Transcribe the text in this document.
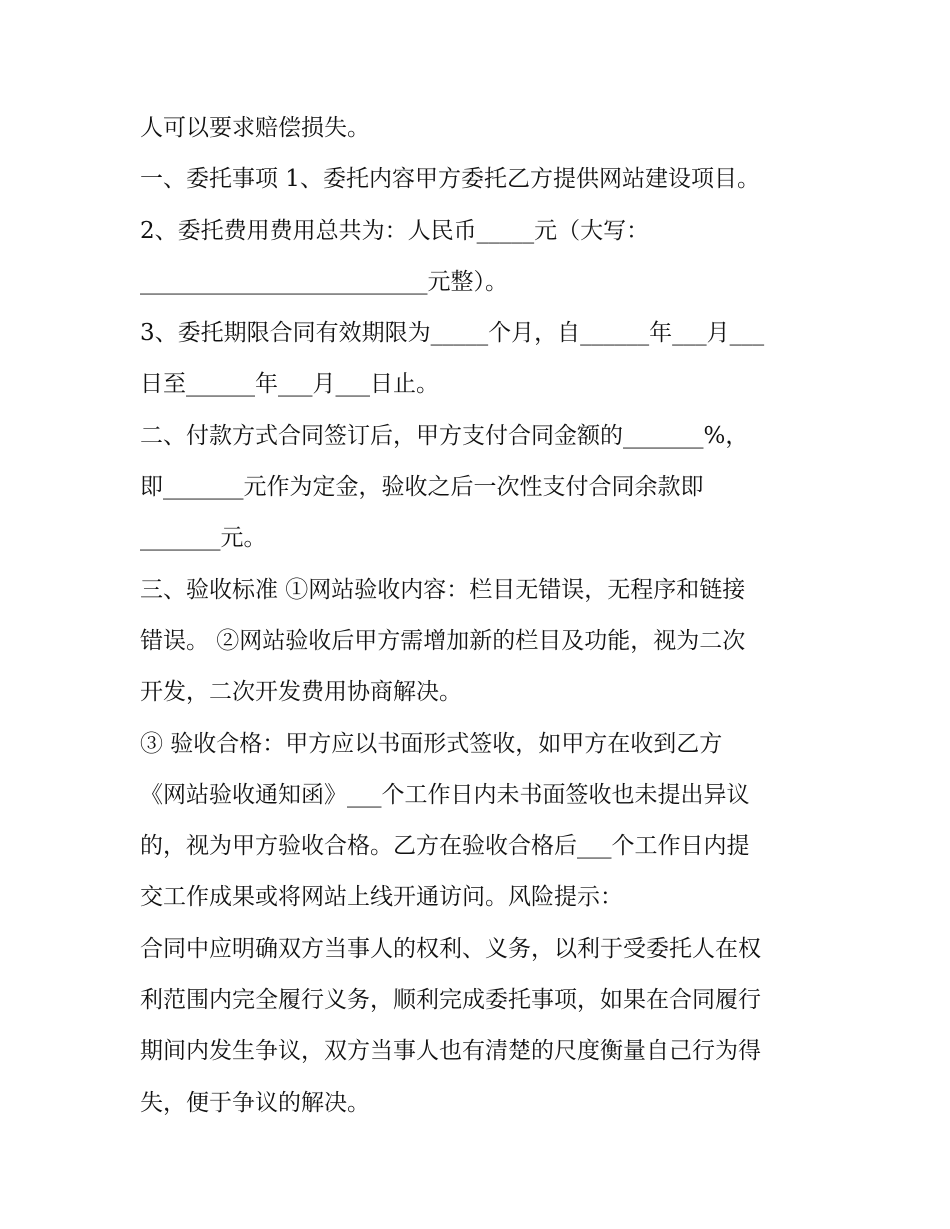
人可以要求赔偿损失。
一、委托事项 1、委托内容甲方委托乙方提供网站建设项目。
2、委托费用费用总共为：人民币_____元（大写：
_________________________元整）。
3、委托期限合同有效期限为_____个月，自______年___月___
日至______年___月___日止。
二、付款方式合同签订后，甲方支付合同金额的_______%，
即_______元作为定金，验收之后一次性支付合同余款即
_______元。
三、验收标准 ①网站验收内容：栏目无错误，无程序和链接
错误。 ②网站验收后甲方需增加新的栏目及功能，视为二次
开发，二次开发费用协商解决。
③ 验收合格：甲方应以书面形式签收，如甲方在收到乙方
《网站验收通知函》___个工作日内未书面签收也未提出异议
的，视为甲方验收合格。乙方在验收合格后___个工作日内提
交工作成果或将网站上线开通访问。风险提示：
合同中应明确双方当事人的权利、义务，以利于受委托人在权
利范围内完全履行义务，顺利完成委托事项，如果在合同履行
期间内发生争议，双方当事人也有清楚的尺度衡量自己行为得
失，便于争议的解决。
